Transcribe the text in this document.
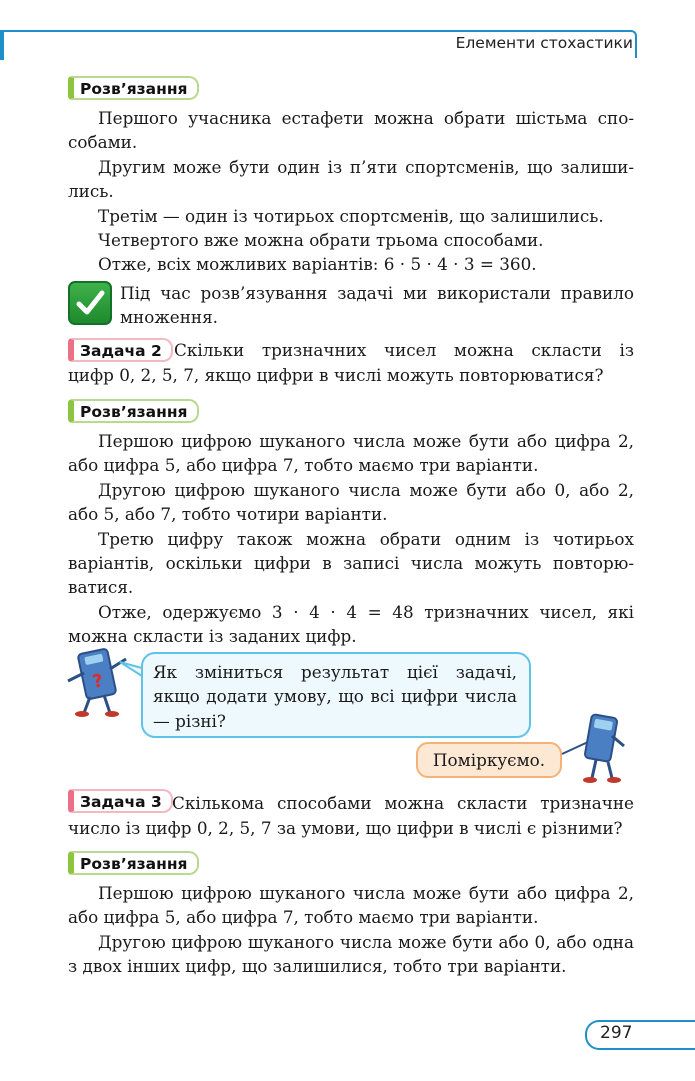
Елементи стохастики
Розв’язання

Першого учасника естафети можна обрати шістьма способами.

Другим може бути один із п’яти спортсменів, що залишились.

Третім — один із чотирьох спортсменів, що залишились.

Четвертого вже можна обрати трьома способами.

Отже, всіх можливих варіантів: 6 · 5 · 4 · 3 = 360.

Під час розв’язування задачі ми використали правило множення.
Задача 2 Скільки тризначних чисел можна скласти із
цифр 0, 2, 5, 7, якщо цифри в числі можуть повторюватися?
Розв’язання

Першою цифрою шуканого числа може бути або цифра 2, або цифра 5, або цифра 7, тобто маємо три варіанти.

Другою цифрою шуканого числа може бути або 0, або 2, або 5, або 7, тобто чотири варіанти.

Третю цифру також можна обрати одним із чотирьох варіантів, оскільки цифри в записі числа можуть повторюватися.

Отже, одержуємо 3 · 4 · 4 = 48 тризначних чисел, які можна скласти із заданих цифр.

?	Як зміниться результат цієї задачі, якщо додати умову, що всі цифри числа — різні?
Поміркуємо.
Задача 3 Скількома способами можна скласти тризначне
число із цифр 0, 2, 5, 7 за умови, що цифри в числі є різними?
Розв’язання

Першою цифрою шуканого числа може бути або цифра 2, або цифра 5, або цифра 7, тобто маємо три варіанти.

Другою цифрою шуканого числа може бути або 0, або одна з двох інших цифр, що залишилися, тобто три варіанти.

297
